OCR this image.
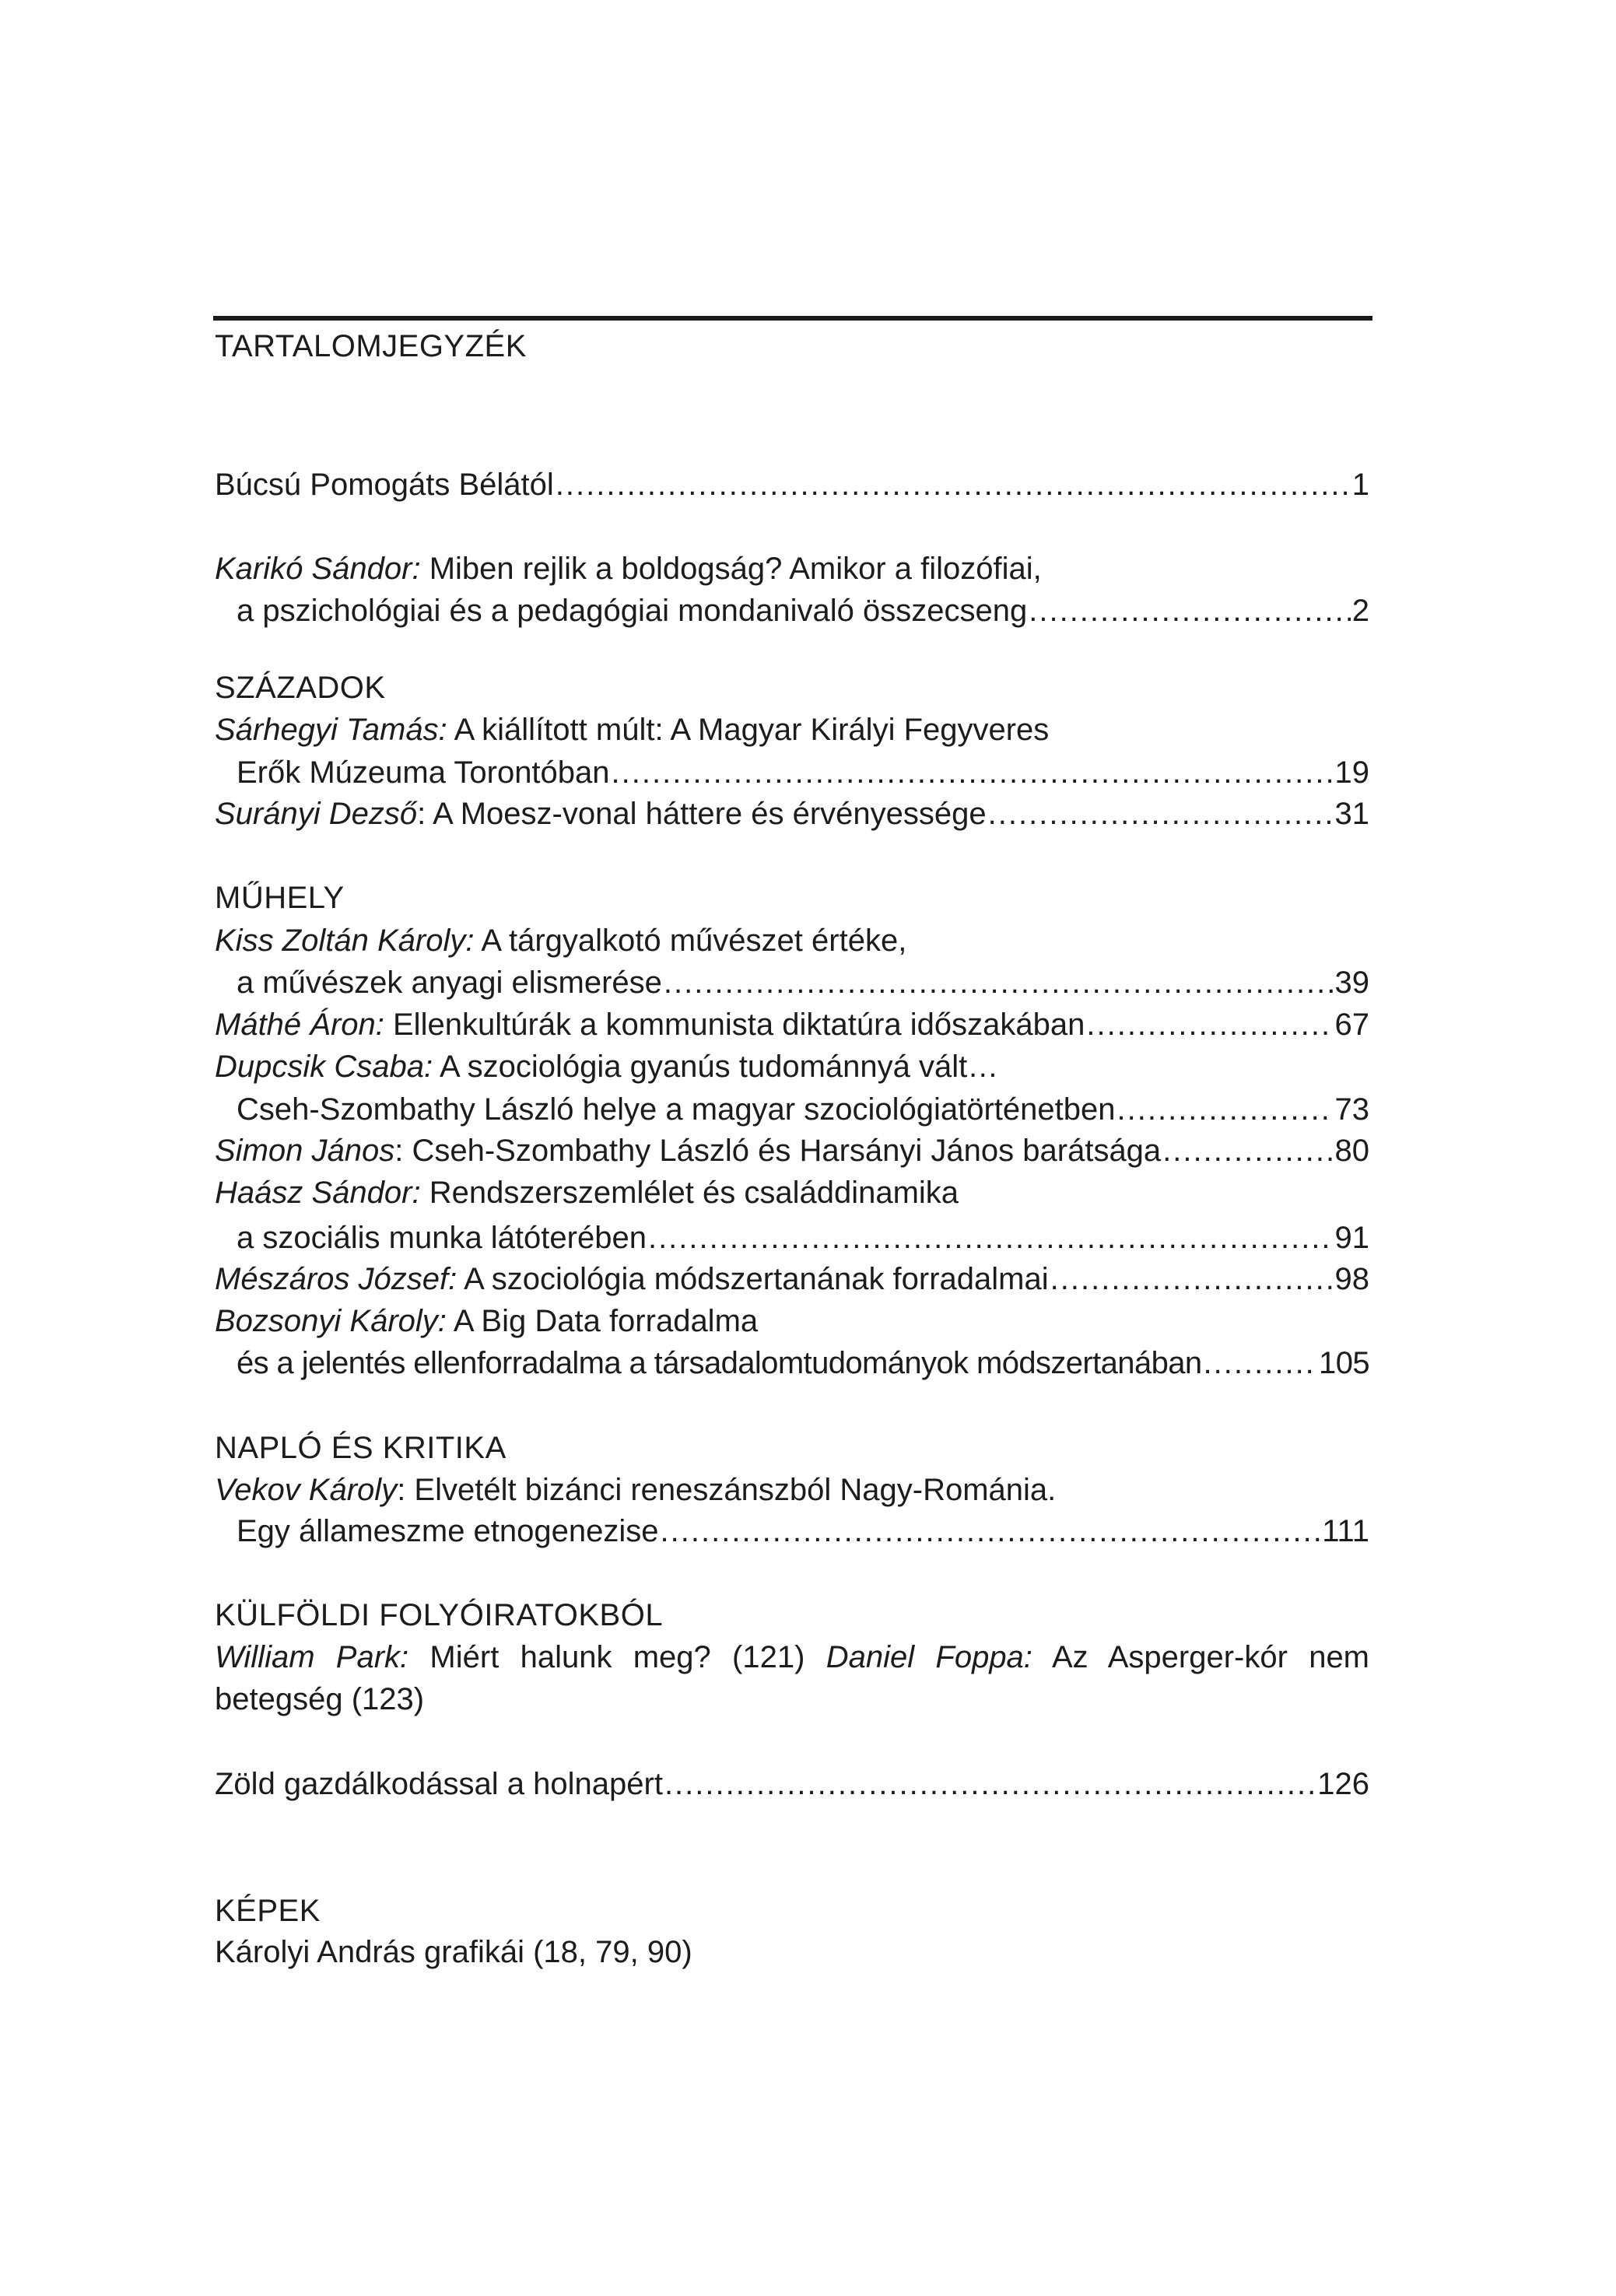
TARTALOMJEGYZÉK
Búcsú Pomogáts Bélától .....	1
Karikó Sándor: Miben rejlik a boldogság? Amikor a filozófiai,
a pszichológiai és a pedagógiai mondanivaló összecseng .....	2
SZÁZADOK
Sárhegyi Tamás: A kiállított múlt: A Magyar Királyi Fegyveres
Erők Múzeuma Torontóban .....	19
Surányi Dezső: A Moesz-vonal háttere és érvényessége .....	31
MŰHELY
Kiss Zoltán Károly: A tárgyalkotó művészet értéke,
a művészek anyagi elismerése .....	39
Máthé Áron: Ellenkultúrák a kommunista diktatúra időszakában .....	67
Dupcsik Csaba: A szociológia gyanús tudománnyá vált…
Cseh-Szombathy László helye a magyar szociológiatörténetben .....	73
Simon János: Cseh-Szombathy László és Harsányi János barátsága .....	80
Haász Sándor: Rendszerszemlélet és családdinamika
a szociális munka látóterében .....	91
Mészáros József: A szociológia módszertanának forradalmai .....	98
Bozsonyi Károly: A Big Data forradalma
és a jelentés ellenforradalma a társadalomtudományok módszertanában .....	105
NAPLÓ ÉS KRITIKA
Vekov Károly: Elvetélt bizánci reneszánszból Nagy-Románia.
Egy állameszme etnogenezise .....	111
KÜLFÖLDI FOLYÓIRATOKBÓL
William Park: Miért halunk meg? (121) Daniel Foppa: Az Asperger-kór nem
betegség (123)
Zöld gazdálkodással a holnapért .....	126
KÉPEK
Károlyi András grafikái (18, 79, 90)
